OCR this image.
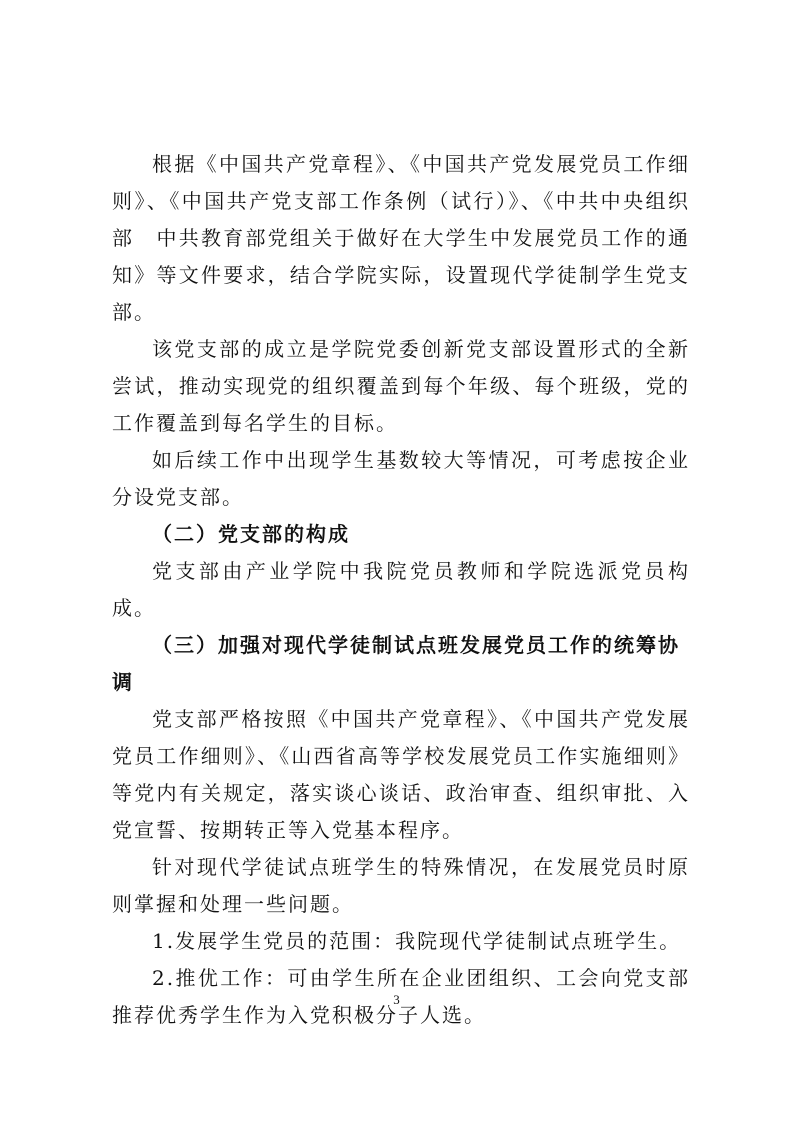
根据《中国共产党章程》、《中国共产党发展党员工作细则》、《中国共产党支部工作条例（试行）》、《中共中央组织部　中共教育部党组关于做好在大学生中发展党员工作的通知》等文件要求，结合学院实际，设置现代学徒制学生党支部。

该党支部的成立是学院党委创新党支部设置形式的全新尝试，推动实现党的组织覆盖到每个年级、每个班级，党的工作覆盖到每名学生的目标。

如后续工作中出现学生基数较大等情况，可考虑按企业分设党支部。

（二）党支部的构成

党支部由产业学院中我院党员教师和学院选派党员构成。

（三）加强对现代学徒制试点班发展党员工作的统筹协调

党支部严格按照《中国共产党章程》、《中国共产党发展党员工作细则》、《山西省高等学校发展党员工作实施细则》等党内有关规定，落实谈心谈话、政治审查、组织审批、入党宣誓、按期转正等入党基本程序。

针对现代学徒试点班学生的特殊情况，在发展党员时原则掌握和处理一些问题。

1.发展学生党员的范围：我院现代学徒制试点班学生。

2.推优工作：可由学生所在企业团组织、工会向党支部推荐优秀学生作为入党积极分子人选。

3
